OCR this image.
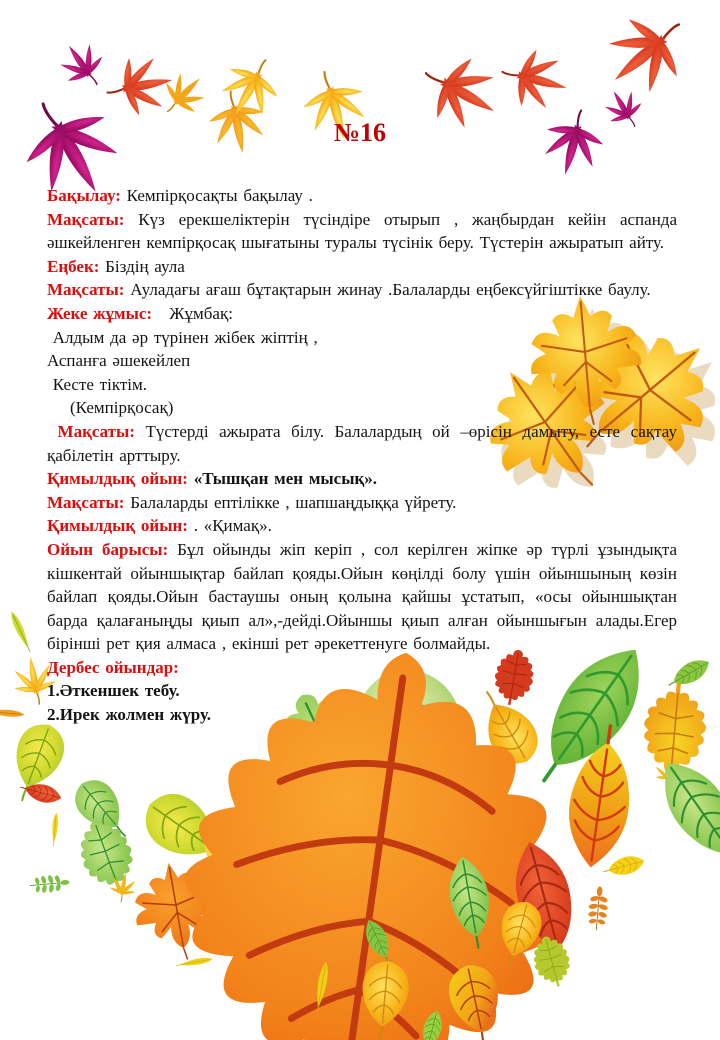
№16

Бақылау: Кемпірқосақты бақылау .

Мақсаты: Күз ерекшеліктерін түсіндіре отырып , жаңбырдан кейін аспанда әшкейленген кемпірқосақ шығатыны туралы түсінік беру. Түстерін ажыратып айту.

Еңбек: Біздің аула

Мақсаты: Ауладағы ағаш бұтақтарын жинау .Балаларды еңбексүйгіштікке баулу.

Жеке жұмыс:   Жұмбақ:

Алдым да әр түрінен жібек жіптің ,

Аспанға әшекейлеп

Кесте тіктім.

(Кемпірқосақ)

Мақсаты: Түстерді ажырата білу. Балалардың ой –өрісін дамыту, есте сақтау қабілетін арттыру.

Қимылдық ойын: «Тышқан мен мысық».

Мақсаты: Балаларды ептілікке , шапшаңдыққа үйрету.

Қимылдық ойын: . «Қимақ».

Ойын барысы: Бұл ойынды жіп керіп , сол керілген жіпке әр түрлі ұзындықта кішкентай ойыншықтар байлап қояды.Ойын көңілді болу үшін ойыншының көзін байлап қояды.Ойын бастаушы оның қолына қайшы ұстатып, «осы ойыншықтан барда қалағаныңды қиып ал»,-дейді.Ойыншы қиып алған ойыншығын алады.Егер бірінші рет қия алмаса , екінші рет әрекеттенуге болмайды.

Дербес ойындар:

1.Әткеншек тебу.

2.Ирек жолмен жүру.
